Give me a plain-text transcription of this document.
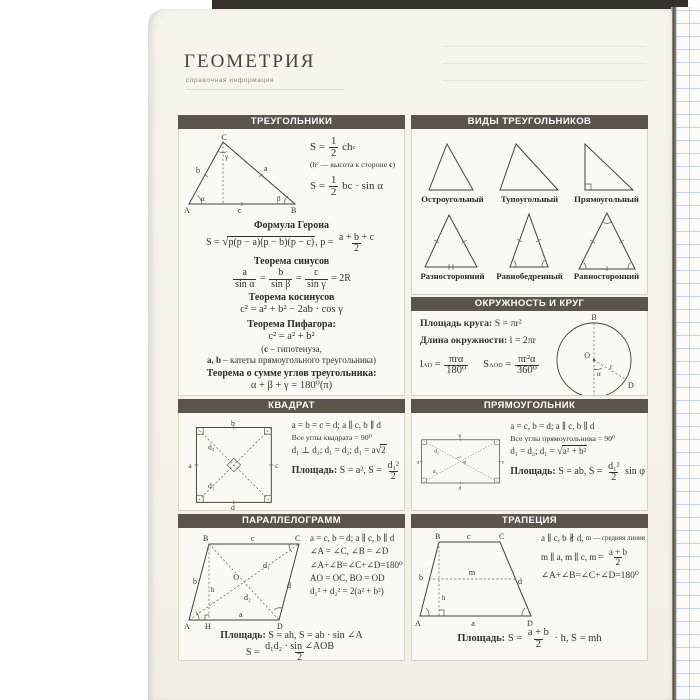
ГЕОМЕТРИЯ
справочная информация
ТРЕУГОЛЬНИКИ
A	B
C
b	a
c
α	β
γ
$S = \frac{1}{2}$ ch c
(h c — высота к стороне c )
$S = \frac{1}{2}$ bc · sin α
Формула Герона
S = √p(p − a)(p − b)(p − c) , $p = \frac{a + b + c}{2}$
Теорема синусов
$\frac{a}{\text{sin α}} = \frac{b}{\text{sin β}} = \frac{c}{\text{sin γ}} = 2R$
Теорема косинусов
c² = a² + b² − 2ab · cos γ
Теорема Пифагора:
c² = a² + b²
( c – гипотенуза,
a, b – катеты прямоугольного треугольника)
Теорема о сумме углов треугольника:
α + β + γ = 180⁰(π)
ВИДЫ ТРЕУГОЛЬНИКОВ
Остроугольный	Тупоугольный	Прямоугольный
Разносторонний	Равнобедренный	Равносторонний
ОКРУЖНОСТЬ И КРУГ
Площадь круга: S = πr²
Длина окружности: l = 2πr
l AD = $\frac{\text{πrα}}{\text{180⁰}}$ S AOD = $\frac{\text{πr²α}}{\text{360⁰}}$
B
D
O
r
α
КВАДРАТ
b
d
a	c
d₂
d₁
a = b = c = d; a ∥ c, b ∥ d
Все углы квадрата = 90⁰
d₁ ⊥ d₂; d₁ = d₂; d₁ = a √2
Площадь: S = a², $S = \frac{\text{d₁²}}{2}$
ПРЯМОУГОЛЬНИК
b
d
a	c
d₂
d₁
φ
a = c, b = d; a ∥ c, b ∥ d
Все углы прямоугольника = 90⁰
d₁ = d₂; d₁ = √a² + b²
Площадь: S = ab, $S = \frac{\text{d₁²}}{2}$ sin φ
ПАРАЛЛЕЛОГРАММ
A H	D
B	C
a
b
c
d
d₁
d₂
O
h
a = c, b = d; a ∥ c, b ∥ d
∠A = ∠C, ∠B = ∠D
∠A+∠B=∠C+∠D=180⁰
AO = OC, BO = OD
d₁² + d₂² = 2(a² + b²)
Площадь: S = ah, S = ab · sin ∠A
$S = \frac{\text{d₁d₂ · sin ∠AOB}}{2}$
ТРАПЕЦИЯ
B	C
A	D
c
b	d
m
h
a
a ∥ c, b ∦ d, m — средняя линия
m ∥ a, m ∥ c, $m = \frac{a + b}{2}$
∠A+∠B=∠C+∠D=180⁰
Площадь: $S = \frac{a + b}{2} \cdot h$, S = mh
